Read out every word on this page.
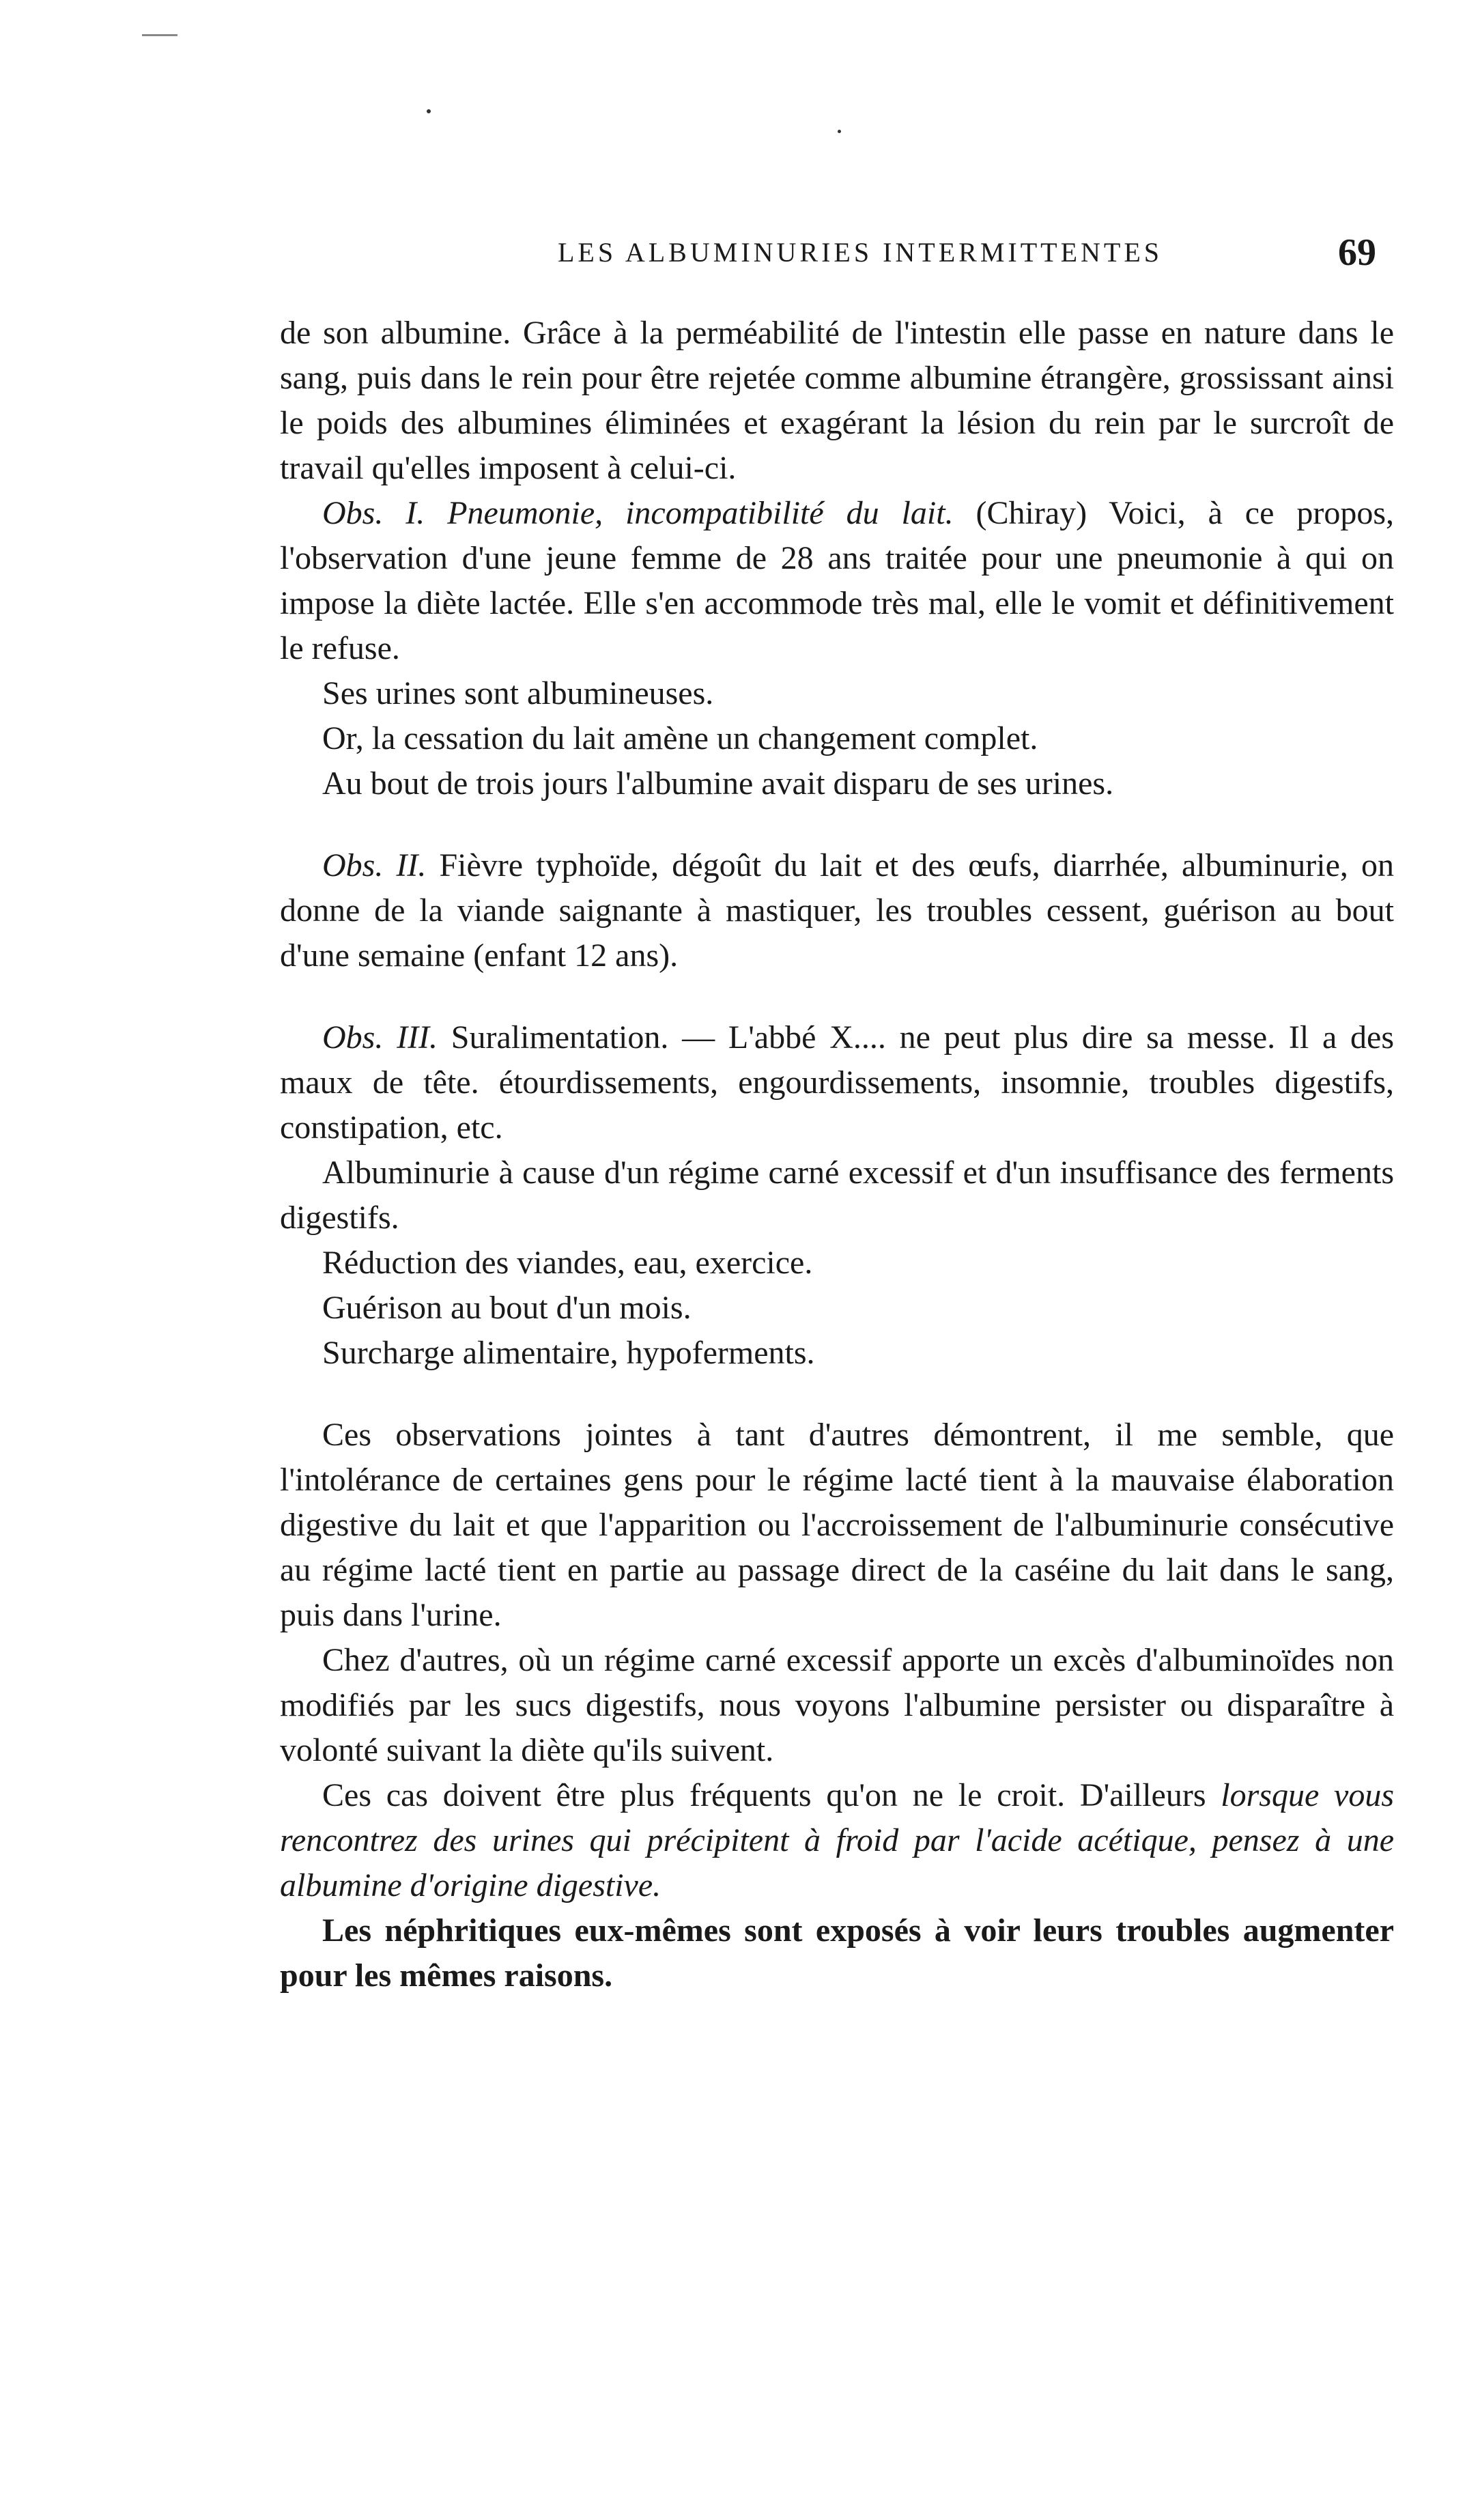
LES ALBUMINURIES INTERMITTENTES	69

de son albumine. Grâce à la perméabilité de l'intestin elle passe en nature dans le sang, puis dans le rein pour être rejetée comme albumine étrangère, grossissant ainsi le poids des albumines éliminées et exagérant la lésion du rein par le surcroît de travail qu'elles imposent à celui-ci.

Obs. I. Pneumonie, incompatibilité du lait. (Chiray) Voici, à ce propos, l'observation d'une jeune femme de 28 ans traitée pour une pneumonie à qui on impose la diète lactée. Elle s'en accommode très mal, elle le vomit et définitivement le refuse.

Ses urines sont albumineuses.

Or, la cessation du lait amène un changement complet.

Au bout de trois jours l'albumine avait disparu de ses urines.

Obs. II. Fièvre typhoïde, dégoût du lait et des œufs, diarrhée, albuminurie, on donne de la viande saignante à mastiquer, les troubles cessent, guérison au bout d'une semaine (enfant 12 ans).

Obs. III. Suralimentation. — L'abbé X.... ne peut plus dire sa messe. Il a des maux de tête. étourdissements, engourdissements, insomnie, troubles digestifs, constipation, etc.

Albuminurie à cause d'un régime carné excessif et d'un insuffisance des ferments digestifs.

Réduction des viandes, eau, exercice.

Guérison au bout d'un mois.

Surcharge alimentaire, hypoferments.

Ces observations jointes à tant d'autres démontrent, il me semble, que l'intolérance de certaines gens pour le régime lacté tient à la mauvaise élaboration digestive du lait et que l'apparition ou l'accroissement de l'albuminurie consécutive au régime lacté tient en partie au passage direct de la caséine du lait dans le sang, puis dans l'urine.

Chez d'autres, où un régime carné excessif apporte un excès d'albuminoïdes non modifiés par les sucs digestifs, nous voyons l'albumine persister ou disparaître à volonté suivant la diète qu'ils suivent.

Ces cas doivent être plus fréquents qu'on ne le croit. D'ailleurs lorsque vous rencontrez des urines qui précipitent à froid par l'acide acétique, pensez à une albumine d'origine digestive.

Les néphritiques eux-mêmes sont exposés à voir leurs troubles augmenter pour les mêmes raisons.
